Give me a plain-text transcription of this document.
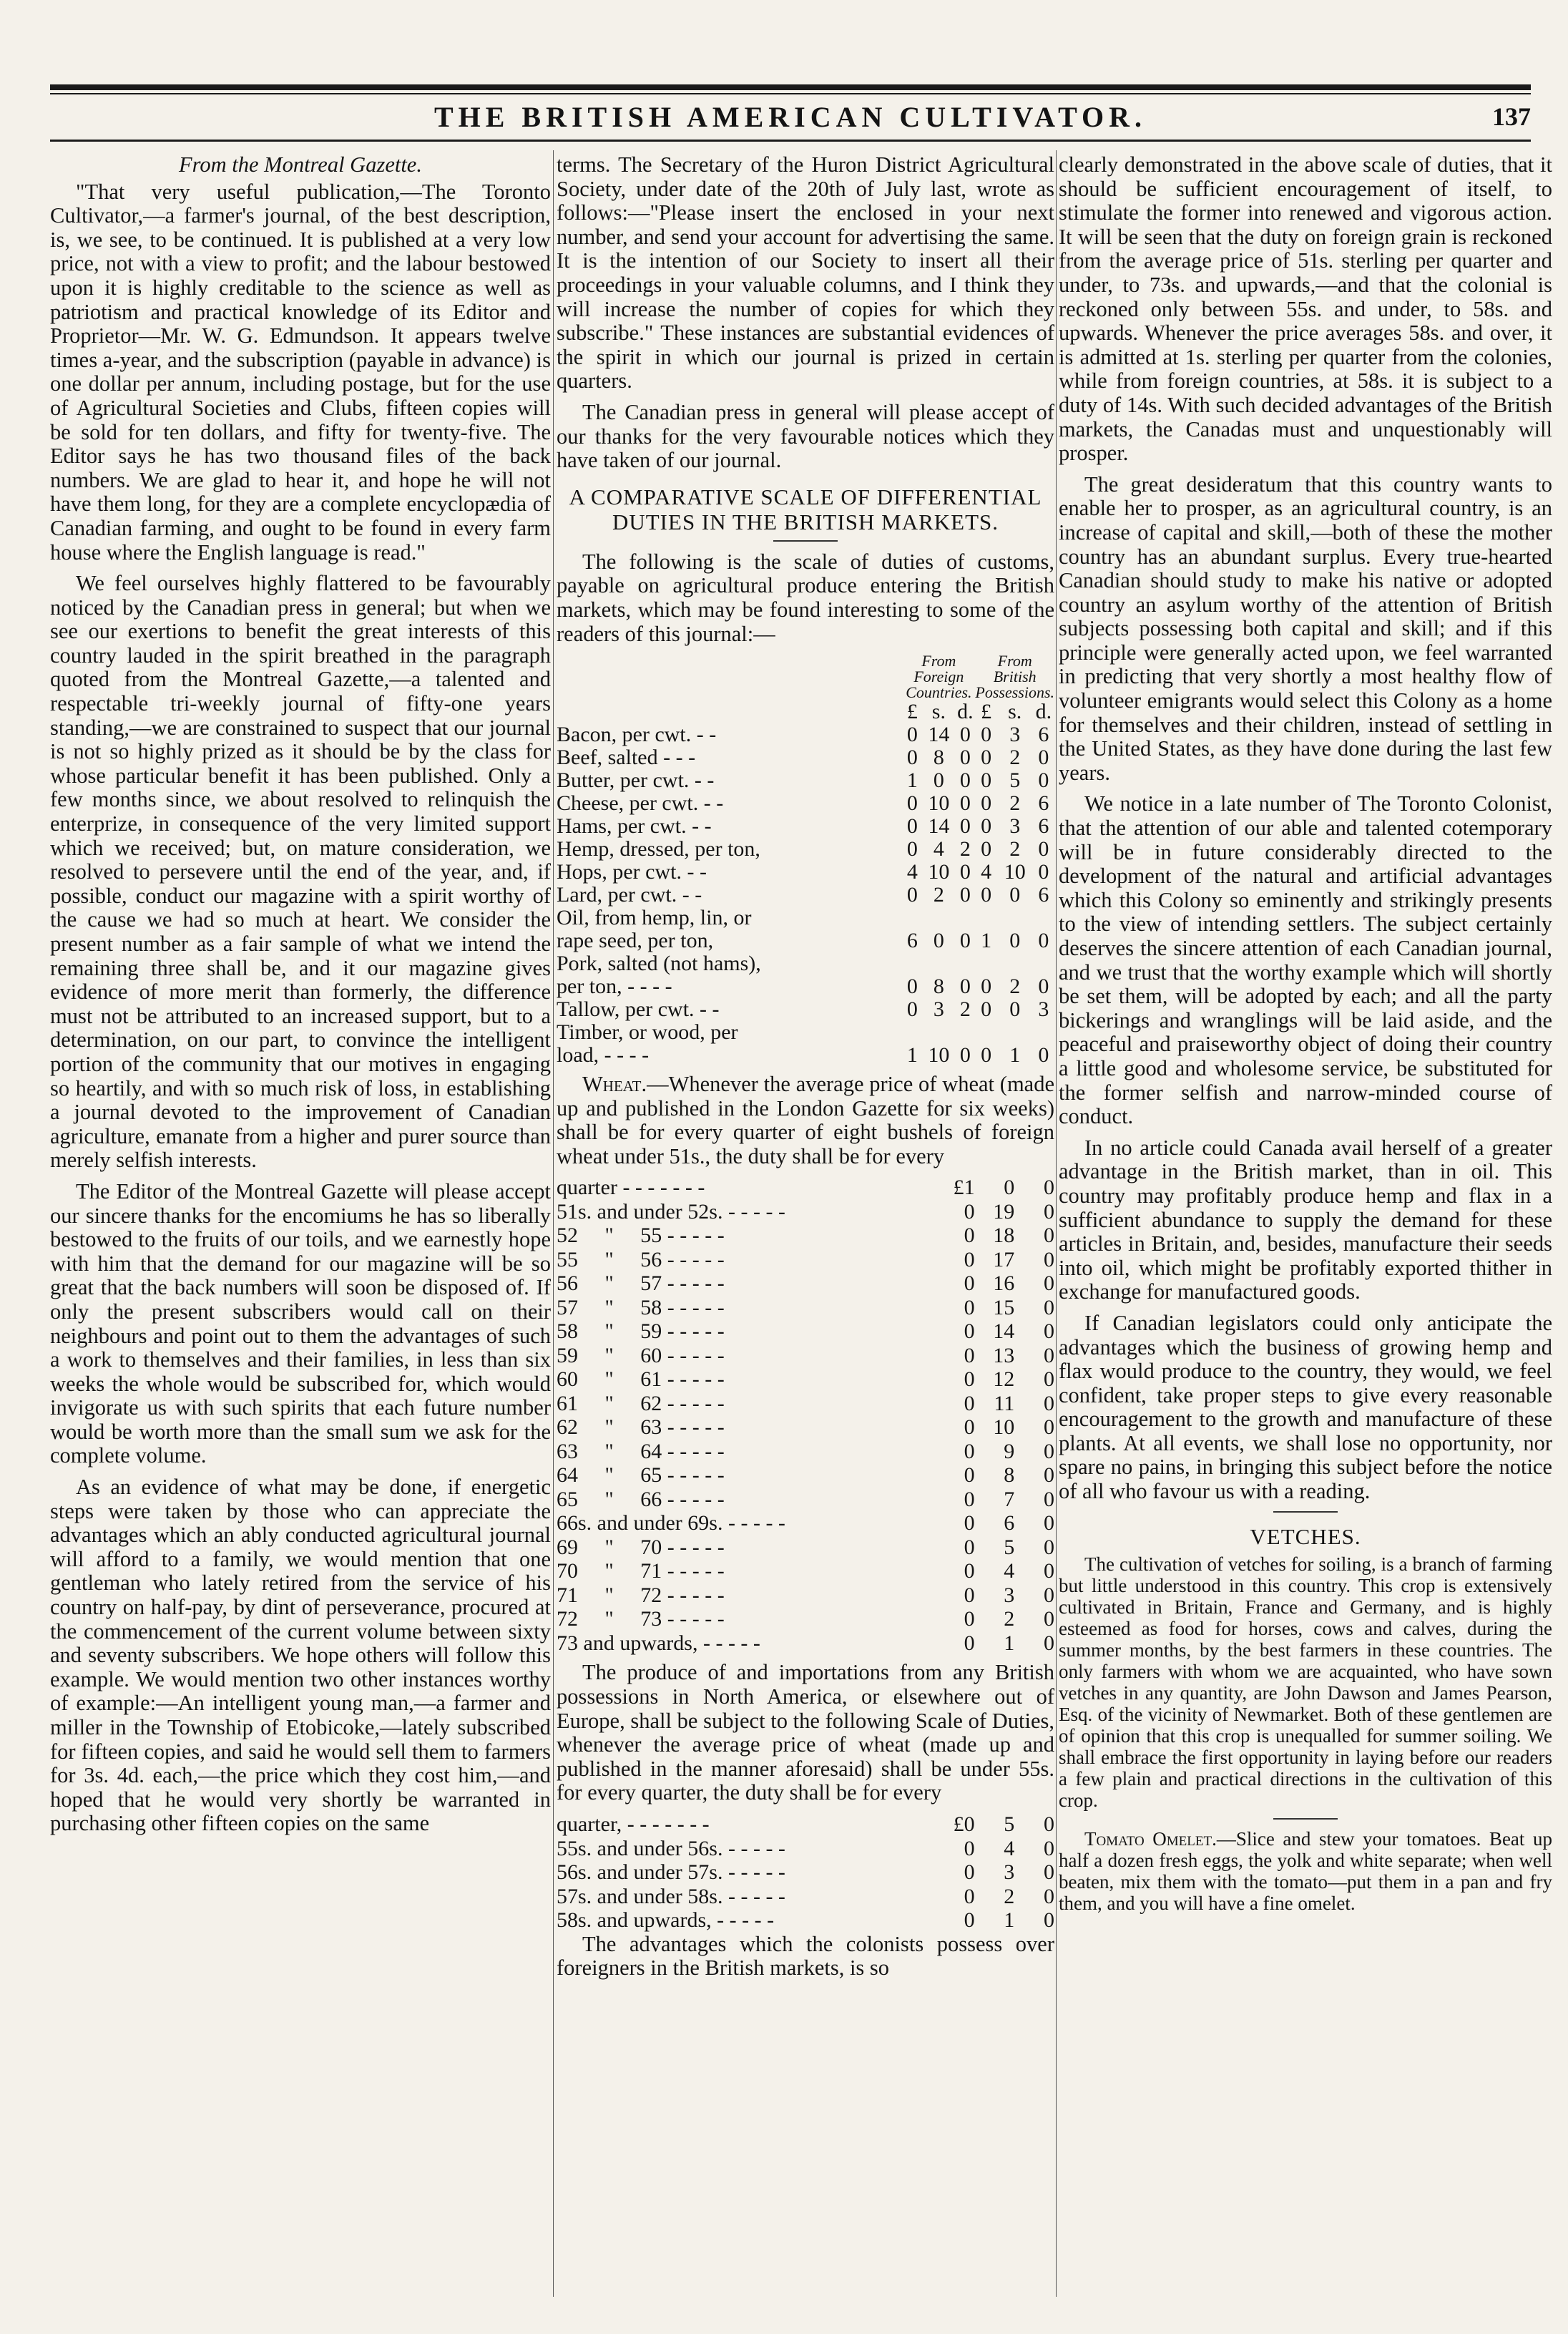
THE BRITISH AMERICAN CULTIVATOR.	137
From the Montreal Gazette.

"That very useful publication,—The Toronto Cultivator,—a farmer's journal, of the best description, is, we see, to be continued. It is published at a very low price, not with a view to profit; and the labour bestowed upon it is highly creditable to the science as well as patriotism and practical knowledge of its Editor and Proprietor—Mr. W. G. Edmundson. It appears twelve times a-year, and the subscription (payable in advance) is one dollar per annum, including postage, but for the use of Agricultural Societies and Clubs, fifteen copies will be sold for ten dollars, and fifty for twenty-five. The Editor says he has two thousand files of the back numbers. We are glad to hear it, and hope he will not have them long, for they are a complete encyclopædia of Canadian farming, and ought to be found in every farm house where the English language is read."

We feel ourselves highly flattered to be favourably noticed by the Canadian press in general; but when we see our exertions to benefit the great interests of this country lauded in the spirit breathed in the paragraph quoted from the Montreal Gazette,—a talented and respectable tri-weekly journal of fifty-one years standing,—we are constrained to suspect that our journal is not so highly prized as it should be by the class for whose particular benefit it has been published. Only a few months since, we about resolved to relinquish the enterprize, in consequence of the very limited support which we received; but, on mature consideration, we resolved to persevere until the end of the year, and, if possible, conduct our magazine with a spirit worthy of the cause we had so much at heart. We consider the present number as a fair sample of what we intend the remaining three shall be, and it our magazine gives evidence of more merit than formerly, the difference must not be attributed to an increased support, but to a determination, on our part, to convince the intelligent portion of the community that our motives in engaging so heartily, and with so much risk of loss, in establishing a journal devoted to the improvement of Canadian agriculture, emanate from a higher and purer source than merely selfish interests.

The Editor of the Montreal Gazette will please accept our sincere thanks for the encomiums he has so liberally bestowed to the fruits of our toils, and we earnestly hope with him that the demand for our magazine will be so great that the back numbers will soon be disposed of. If only the present subscribers would call on their neighbours and point out to them the advantages of such a work to themselves and their families, in less than six weeks the whole would be subscribed for, which would invigorate us with such spirits that each future number would be worth more than the small sum we ask for the complete volume.

As an evidence of what may be done, if energetic steps were taken by those who can appreciate the advantages which an ably conducted agricultural journal will afford to a family, we would mention that one gentleman who lately retired from the service of his country on half-pay, by dint of perseverance, procured at the commencement of the current volume between sixty and seventy subscribers. We hope others will follow this example. We would mention two other instances worthy of example:—An intelligent young man,—a farmer and miller in the Township of Etobicoke,—lately subscribed for fifteen copies, and said he would sell them to farmers for 3s. 4d. each,—the price which they cost him,—and hoped that he would very shortly be warranted in purchasing other fifteen copies on the same

terms. The Secretary of the Huron District Agricultural Society, under date of the 20th of July last, wrote as follows:—"Please insert the enclosed in your next number, and send your account for advertising the same. It is the intention of our Society to insert all their proceedings in your valuable columns, and I think they will increase the number of copies for which they subscribe." These instances are substantial evidences of the spirit in which our journal is prized in certain quarters.

The Canadian press in general will please accept of our thanks for the very favourable notices which they have taken of our journal.

A COMPARATIVE SCALE OF DIFFERENTIAL DUTIES IN THE BRITISH MARKETS.

The following is the scale of duties of customs, payable on agricultural produce entering the British markets, which may be found interesting to some of the readers of this journal:—

	From Foreign Countries.			From British Possessions.		
	£	s.	d.	£	s.	d.
Bacon, per cwt. - -	0	14	0	0	3	6
Beef, salted - - -	0	8	0	0	2	0
Butter, per cwt. - -	1	0	0	0	5	0
Cheese, per cwt. - -	0	10	0	0	2	6
Hams, per cwt. - -	0	14	0	0	3	6
Hemp, dressed, per ton,	0	4	2	0	2	0
Hops, per cwt. - -	4	10	0	4	10	0
Lard, per cwt. - -	0	2	0	0	0	6
Oil, from hemp, lin, or						
rape seed, per ton,	6	0	0	1	0	0
Pork, salted (not hams),						
per ton, - - - -	0	8	0	0	2	0
Tallow, per cwt. - -	0	3	2	0	0	3
Timber, or wood, per						
load, - - - -	1	10	0	0	1	0

Wheat.—Whenever the average price of wheat (made up and published in the London Gazette for six weeks) shall be for every quarter of eight bushels of foreign wheat under 51s., the duty shall be for every

quarter - - - - - - -	£1	0	0
51s. and under 52s. - - - - -	0	19	0
52     "     55 - - - - -	0	18	0
55     "     56 - - - - -	0	17	0
56     "     57 - - - - -	0	16	0
57     "     58 - - - - -	0	15	0
58     "     59 - - - - -	0	14	0
59     "     60 - - - - -	0	13	0
60     "     61 - - - - -	0	12	0
61     "     62 - - - - -	0	11	0
62     "     63 - - - - -	0	10	0
63     "     64 - - - - -	0	9	0
64     "     65 - - - - -	0	8	0
65     "     66 - - - - -	0	7	0
66s. and under 69s. - - - - -	0	6	0
69     "     70 - - - - -	0	5	0
70     "     71 - - - - -	0	4	0
71     "     72 - - - - -	0	3	0
72     "     73 - - - - -	0	2	0
73 and upwards, - - - - -	0	1	0

The produce of and importations from any British possessions in North America, or elsewhere out of Europe, shall be subject to the following Scale of Duties, whenever the average price of wheat (made up and published in the manner aforesaid) shall be under 55s. for every quarter, the duty shall be for every

quarter, - - - - - - -	£0	5	0
55s. and under 56s. - - - - -	0	4	0
56s. and under 57s. - - - - -	0	3	0
57s. and under 58s. - - - - -	0	2	0
58s. and upwards, - - - - -	0	1	0

The advantages which the colonists possess over foreigners in the British markets, is so

clearly demonstrated in the above scale of duties, that it should be sufficient encouragement of itself, to stimulate the former into renewed and vigorous action. It will be seen that the duty on foreign grain is reckoned from the average price of 51s. sterling per quarter and under, to 73s. and upwards,—and that the colonial is reckoned only between 55s. and under, to 58s. and upwards. Whenever the price averages 58s. and over, it is admitted at 1s. sterling per quarter from the colonies, while from foreign countries, at 58s. it is subject to a duty of 14s. With such decided advantages of the British markets, the Canadas must and unquestionably will prosper.

The great desideratum that this country wants to enable her to prosper, as an agricultural country, is an increase of capital and skill,—both of these the mother country has an abundant surplus. Every true-hearted Canadian should study to make his native or adopted country an asylum worthy of the attention of British subjects possessing both capital and skill; and if this principle were generally acted upon, we feel warranted in predicting that very shortly a most healthy flow of volunteer emigrants would select this Colony as a home for themselves and their children, instead of settling in the United States, as they have done during the last few years.

We notice in a late number of The Toronto Colonist, that the attention of our able and talented cotemporary will be in future considerably directed to the development of the natural and artificial advantages which this Colony so eminently and strikingly presents to the view of intending settlers. The subject certainly deserves the sincere attention of each Canadian journal, and we trust that the worthy example which will shortly be set them, will be adopted by each; and all the party bickerings and wranglings will be laid aside, and the peaceful and praiseworthy object of doing their country a little good and wholesome service, be substituted for the former selfish and narrow-minded course of conduct.

In no article could Canada avail herself of a greater advantage in the British market, than in oil. This country may profitably produce hemp and flax in a sufficient abundance to supply the demand for these articles in Britain, and, besides, manufacture their seeds into oil, which might be profitably exported thither in exchange for manufactured goods.

If Canadian legislators could only anticipate the advantages which the business of growing hemp and flax would produce to the country, they would, we feel confident, take proper steps to give every reasonable encouragement to the growth and manufacture of these plants. At all events, we shall lose no opportunity, nor spare no pains, in bringing this subject before the notice of all who favour us with a reading.

VETCHES.

The cultivation of vetches for soiling, is a branch of farming but little understood in this country. This crop is extensively cultivated in Britain, France and Germany, and is highly esteemed as food for horses, cows and calves, during the summer months, by the best farmers in these countries. The only farmers with whom we are acquainted, who have sown vetches in any quantity, are John Dawson and James Pearson, Esq. of the vicinity of Newmarket. Both of these gentlemen are of opinion that this crop is unequalled for summer soiling. We shall embrace the first opportunity in laying before our readers a few plain and practical directions in the cultivation of this crop.

Tomato Omelet.—Slice and stew your tomatoes. Beat up half a dozen fresh eggs, the yolk and white separate; when well beaten, mix them with the tomato—put them in a pan and fry them, and you will have a fine omelet.
